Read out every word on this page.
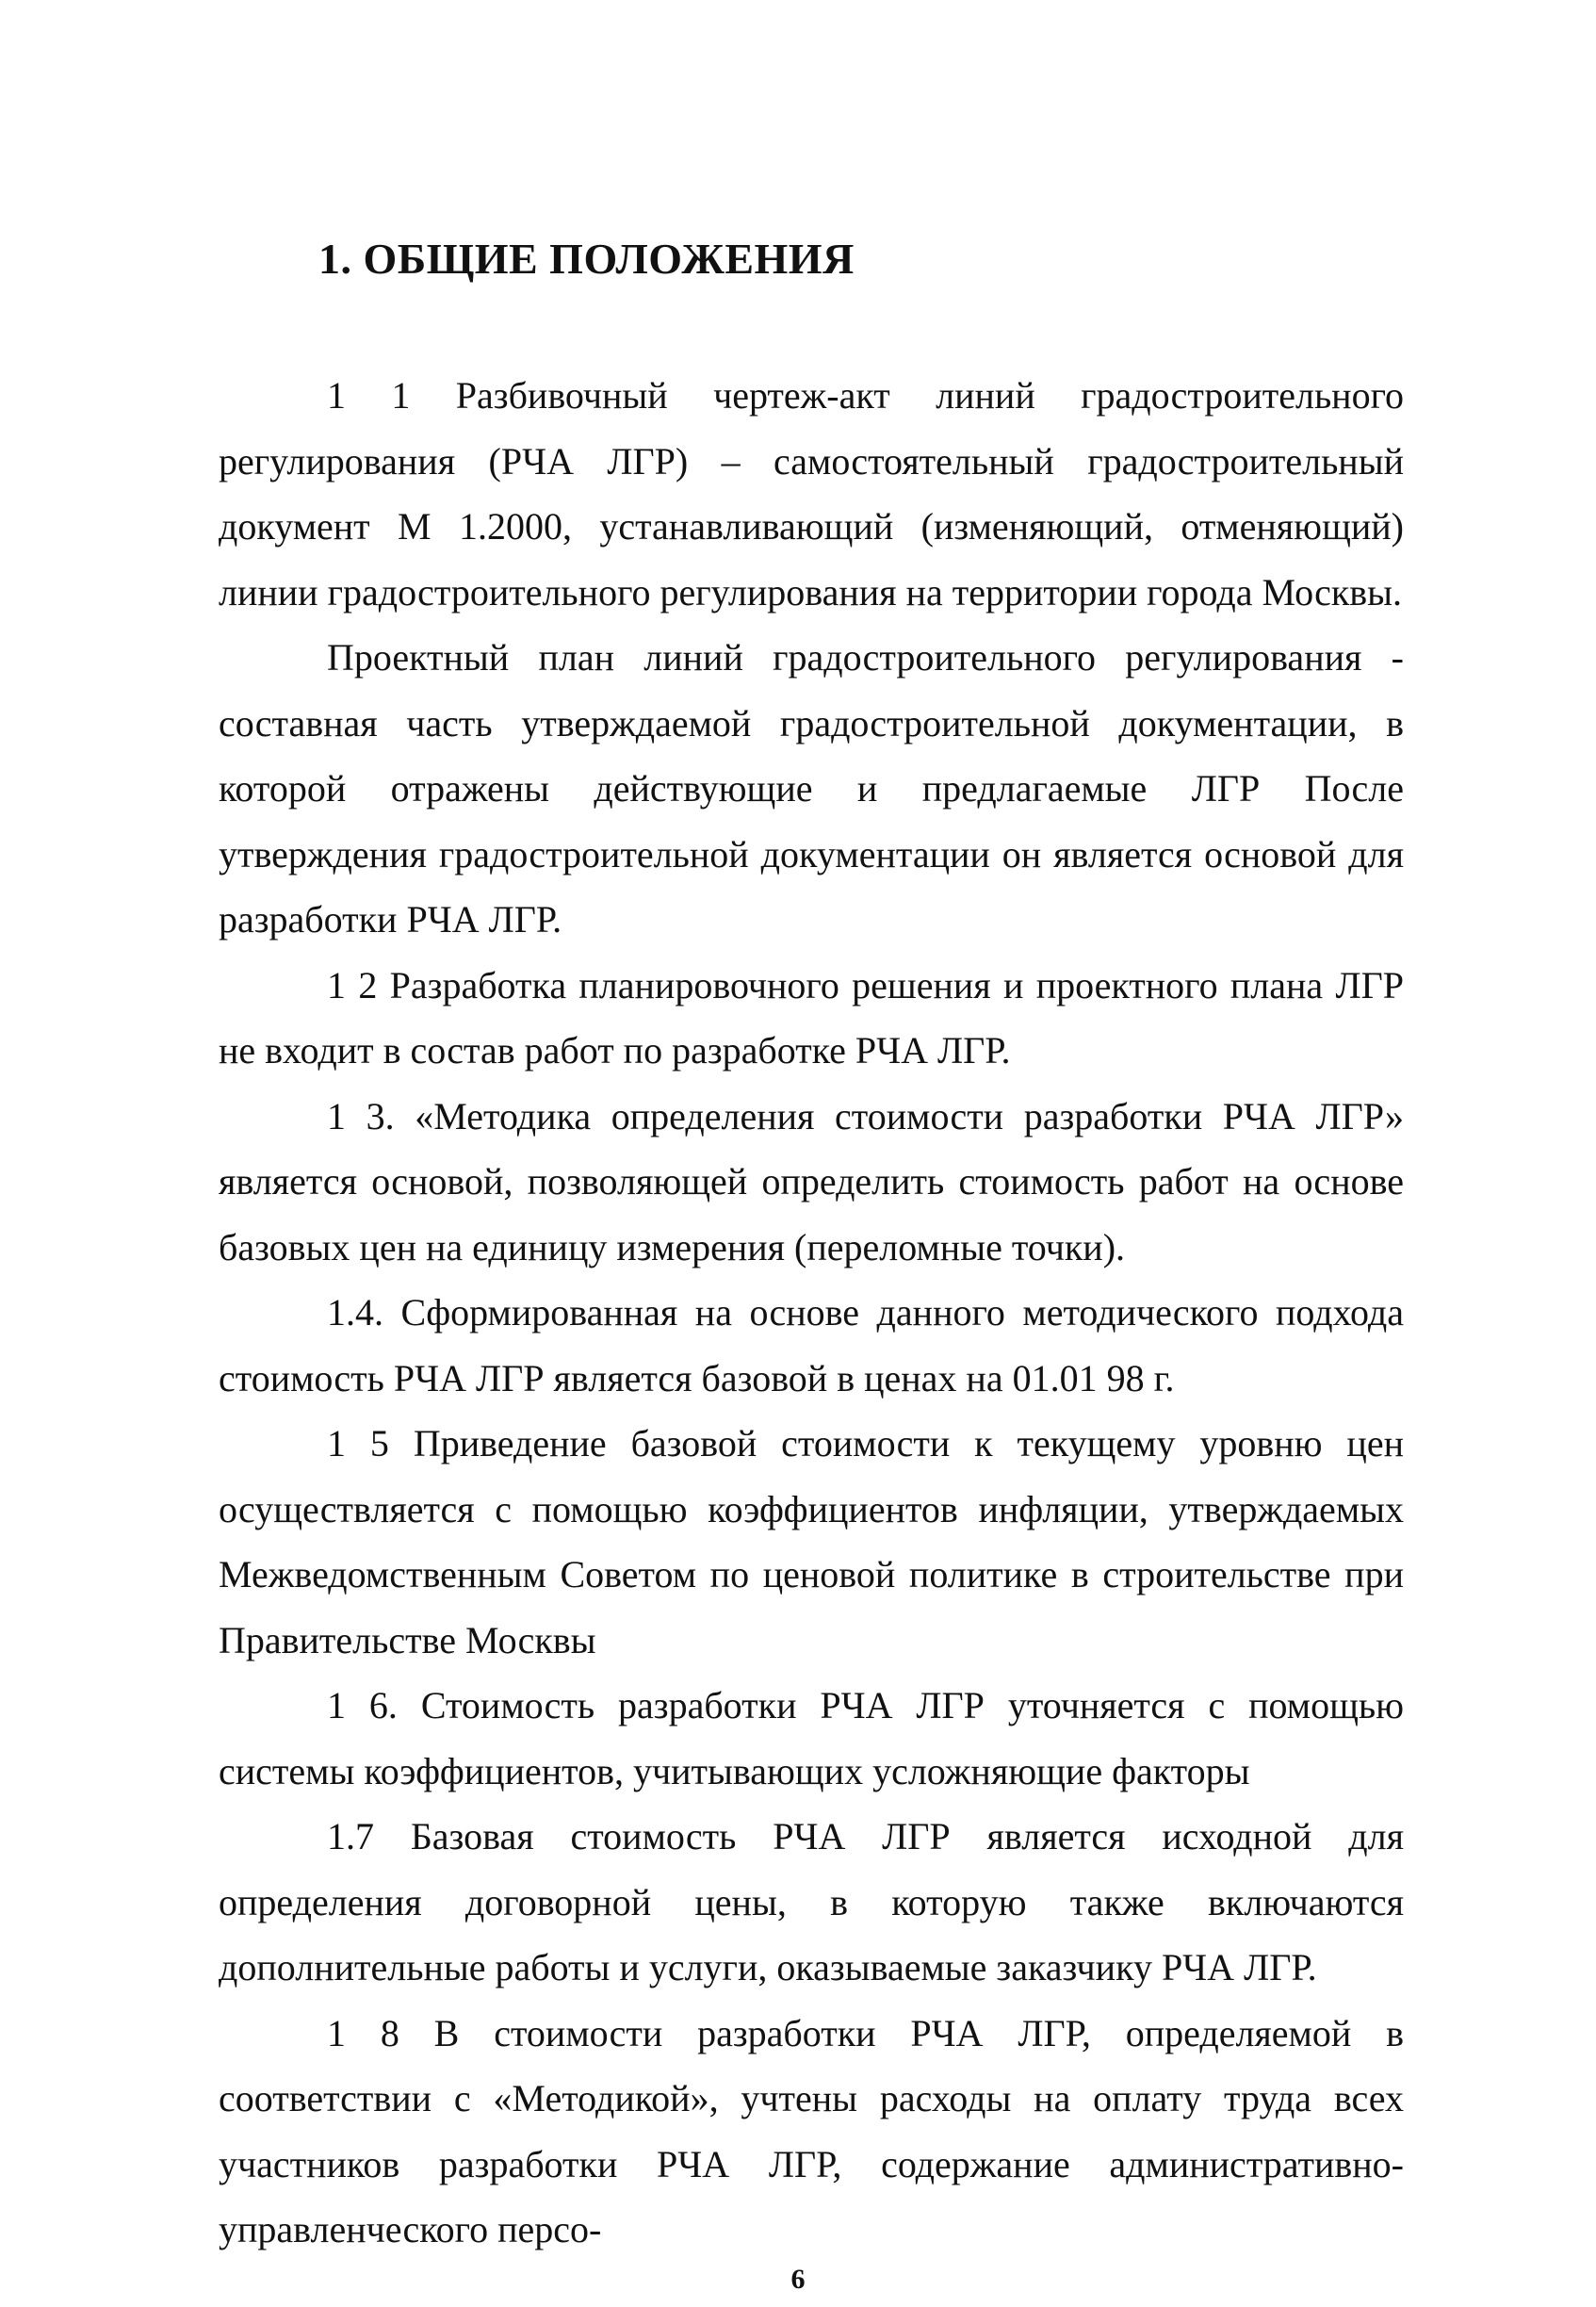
1. ОБЩИЕ ПОЛОЖЕНИЯ

1 1 Разбивочный чертеж-акт линий градостроительного регулирования (РЧА ЛГР) – самостоятельный градостроительный документ М 1.2000, устанавливающий (изменяющий, отменяющий) линии градостроительного регулирования на территории города Москвы.

Проектный план линий градостроительного регулирования - составная часть утверждаемой градостроительной документации, в которой отражены действующие и предлагаемые ЛГР После утверждения градостроительной документации он является основой для разработки РЧА ЛГР.

1 2 Разработка планировочного решения и проектного плана ЛГР не входит в состав работ по разработке РЧА ЛГР.

1 3. «Методика определения стоимости разработки РЧА ЛГР» является основой, позволяющей определить стоимость работ на основе базовых цен на единицу измерения (переломные точки).

1.4. Сформированная на основе данного методического подхода стоимость РЧА ЛГР является базовой в ценах на 01.01 98 г.

1 5 Приведение базовой стоимости к текущему уровню цен осуществляется с помощью коэффициентов инфляции, утверждаемых Межведомственным Советом по ценовой политике в строительстве при Правительстве Москвы

1 6. Стоимость разработки РЧА ЛГР уточняется с помощью системы коэффициентов, учитывающих усложняющие факторы

1.7 Базовая стоимость РЧА ЛГР является исходной для определения договорной цены, в которую также включаются дополнительные работы и услуги, оказываемые заказчику РЧА ЛГР.

1 8 В стоимости разработки РЧА ЛГР, определяемой в соответствии с «Методикой», учтены расходы на оплату труда всех участников разработки РЧА ЛГР, содержание административно-управленческого персо-

6
